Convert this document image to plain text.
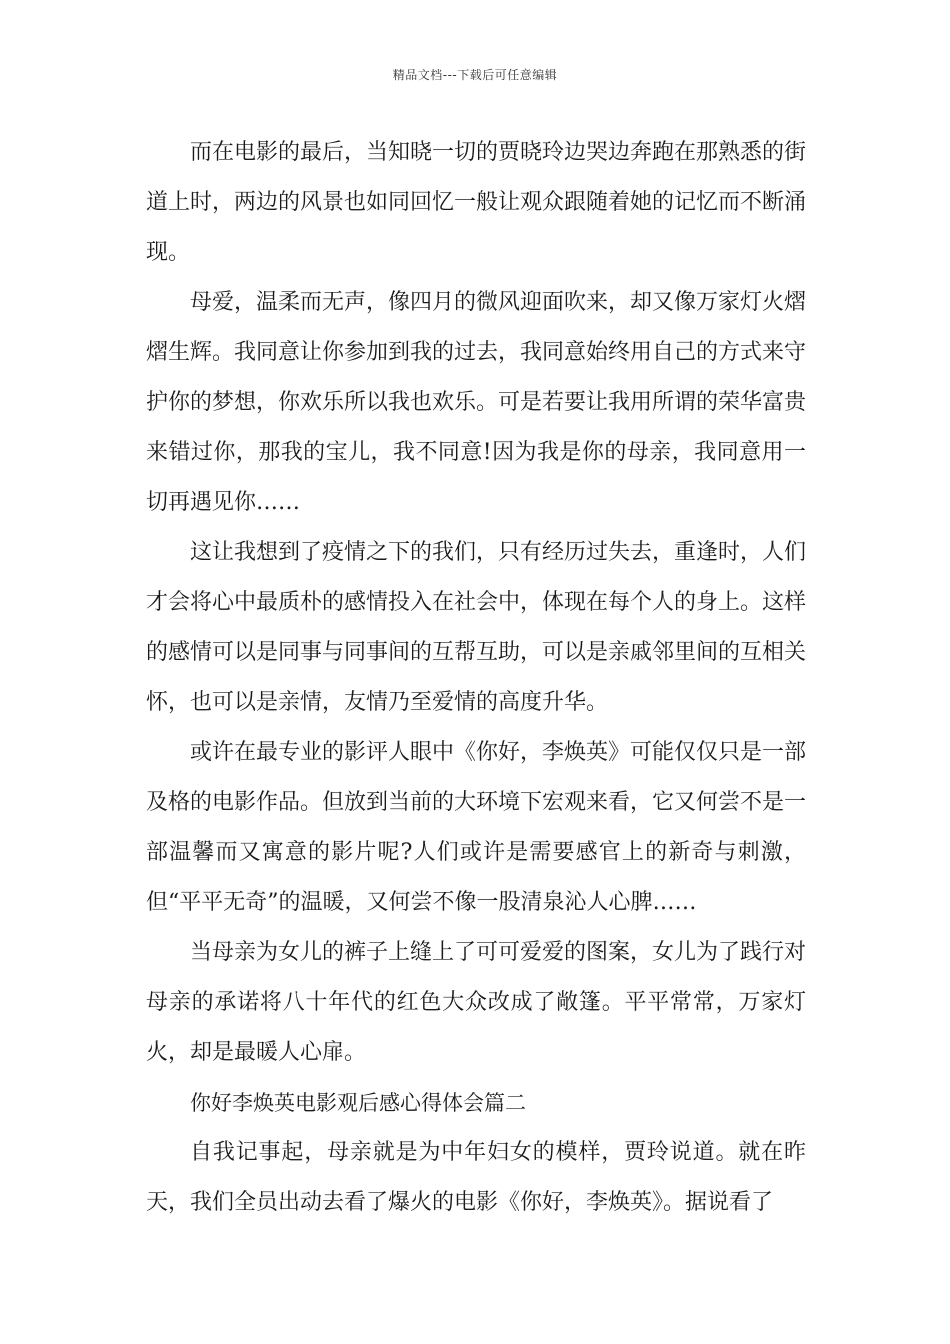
精品文档---下载后可任意编辑

而在电影的最后，当知晓一切的贾晓玲边哭边奔跑在那熟悉的街道上时，两边的风景也如同回忆一般让观众跟随着她的记忆而不断涌现。

母爱，温柔而无声，像四月的微风迎面吹来，却又像万家灯火熠熠生辉。我同意让你参加到我的过去，我同意始终用自己的方式来守护你的梦想，你欢乐所以我也欢乐。可是若要让我用所谓的荣华富贵来错过你，那我的宝儿，我不同意!因为我是你的母亲，我同意用一切再遇见你……

这让我想到了疫情之下的我们，只有经历过失去，重逢时，人们才会将心中最质朴的感情投入在社会中，体现在每个人的身上。这样的感情可以是同事与同事间的互帮互助，可以是亲戚邻里间的互相关怀，也可以是亲情，友情乃至爱情的高度升华。

或许在最专业的影评人眼中《你好，李焕英》可能仅仅只是一部及格的电影作品。但放到当前的大环境下宏观来看，它又何尝不是一部温馨而又寓意的影片呢?人们或许是需要感官上的新奇与刺激，但“平平无奇”的温暖，又何尝不像一股清泉沁人心脾……

当母亲为女儿的裤子上缝上了可可爱爱的图案，女儿为了践行对母亲的承诺将八十年代的红色大众改成了敞篷。平平常常，万家灯火，却是最暖人心扉。

你好李焕英电影观后感心得体会篇二

自我记事起，母亲就是为中年妇女的模样，贾玲说道。就在昨天，我们全员出动去看了爆火的电影《你好，李焕英》。据说看了
